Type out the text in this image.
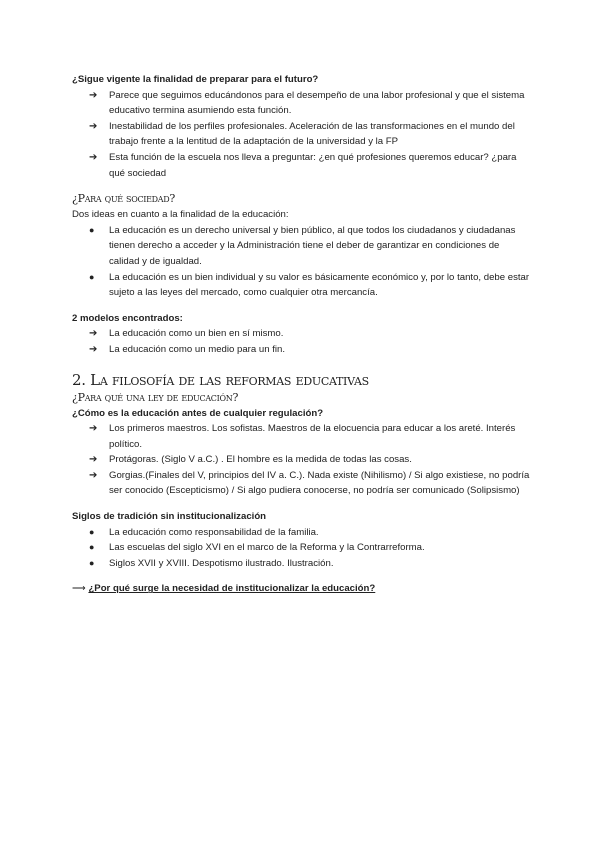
¿Sigue vigente la finalidad de preparar para el futuro?

➔ Parece que seguimos educándonos para el desempeño de una labor profesional y que el sistema educativo termina asumiendo esta función.
➔ Inestabilidad de los perfiles profesionales. Aceleración de las transformaciones en el mundo del trabajo frente a la lentitud de la adaptación de la universidad y la FP
➔ Esta función de la escuela nos lleva a preguntar: ¿en qué profesiones queremos educar? ¿para qué sociedad

¿Para qué sociedad?

Dos ideas en cuanto a la finalidad de la educación:

● La educación es un derecho universal y bien público, al que todos los ciudadanos y ciudadanas tienen derecho a acceder y la Administración tiene el deber de garantizar en condiciones de calidad y de igualdad.
● La educación es un bien individual y su valor es básicamente económico y, por lo tanto, debe estar sujeto a las leyes del mercado, como cualquier otra mercancía.

2 modelos encontrados:

➔ La educación como un bien en sí mismo.
➔ La educación como un medio para un fin.

2. La filosofía de las reformas educativas

¿Para qué una ley de educación?

¿Cómo es la educación antes de cualquier regulación?

➔ Los primeros maestros. Los sofistas. Maestros de la elocuencia para educar a los areté. Interés político.
➔ Protágoras. (Siglo V a.C.) . El hombre es la medida de todas las cosas.
➔ Gorgias.(Finales del V, principios del IV a. C.). Nada existe (Nihilismo) / Si algo existiese, no podría ser conocido (Escepticismo) / Si algo pudiera conocerse, no podría ser comunicado (Solipsismo)

Siglos de tradición sin institucionalización

● La educación como responsabilidad de la familia.
● Las escuelas del siglo XVI en el marco de la Reforma y la Contrarreforma.
● Siglos XVII y XVIII. Despotismo ilustrado. Ilustración.

⟶ ¿Por qué surge la necesidad de institucionalizar la educación?
